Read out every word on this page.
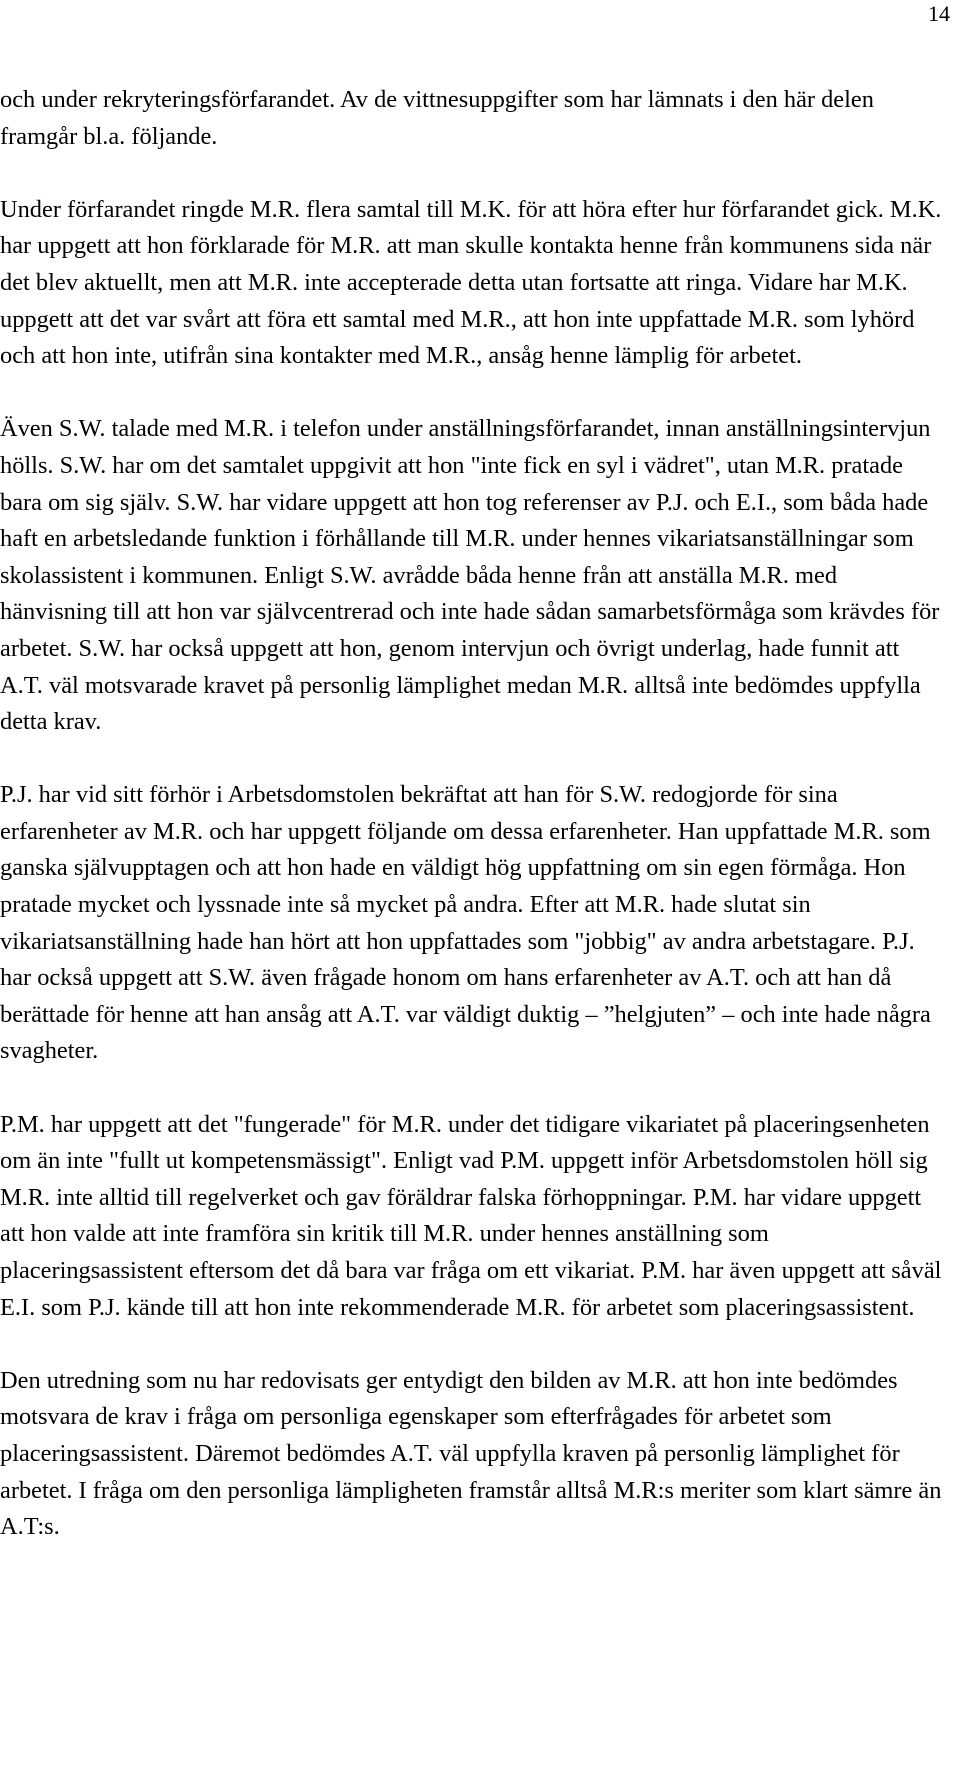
14

och under rekryteringsförfarandet. Av de vittnesuppgifter som har lämnats i den här delen framgår bl.a. följande.

Under förfarandet ringde M.R. flera samtal till M.K. för att höra efter hur förfarandet gick. M.K. har uppgett att hon förklarade för M.R. att man skulle kontakta henne från kommunens sida när det blev aktuellt, men att M.R. inte accepterade detta utan fortsatte att ringa. Vidare har M.K. uppgett att det var svårt att föra ett samtal med M.R., att hon inte uppfattade M.R. som lyhörd och att hon inte, utifrån sina kontakter med M.R., ansåg henne lämplig för arbetet.

Även S.W. talade med M.R. i telefon under anställningsförfarandet, innan anställningsintervjun hölls. S.W. har om det samtalet uppgivit att hon "inte fick en syl i vädret", utan M.R. pratade bara om sig själv. S.W. har vidare uppgett att hon tog referenser av P.J. och E.I., som båda hade haft en arbetsledande funktion i förhållande till M.R. under hennes vikariatsanställningar som skolassistent i kommunen. Enligt S.W. avrådde båda henne från att anställa M.R. med hänvisning till att hon var självcentrerad och inte hade sådan samarbetsförmåga som krävdes för arbetet. S.W. har också uppgett att hon, genom intervjun och övrigt underlag, hade funnit att A.T. väl motsvarade kravet på personlig lämplighet medan M.R. alltså inte bedömdes uppfylla detta krav.

P.J. har vid sitt förhör i Arbetsdomstolen bekräftat att han för S.W. redogjorde för sina erfarenheter av M.R. och har uppgett följande om dessa erfarenheter. Han uppfattade M.R. som ganska självupptagen och att hon hade en väldigt hög uppfattning om sin egen förmåga. Hon pratade mycket och lyssnade inte så mycket på andra. Efter att M.R. hade slutat sin vikariatsanställning hade han hört att hon uppfattades som "jobbig" av andra arbetstagare. P.J. har också uppgett att S.W. även frågade honom om hans erfarenheter av A.T. och att han då berättade för henne att han ansåg att A.T. var väldigt duktig – ”helgjuten” – och inte hade några svagheter.

P.M. har uppgett att det "fungerade" för M.R. under det tidigare vikariatet på placeringsenheten om än inte "fullt ut kompetensmässigt". Enligt vad P.M. uppgett inför Arbetsdomstolen höll sig M.R. inte alltid till regelverket och gav föräldrar falska förhoppningar. P.M. har vidare uppgett att hon valde att inte framföra sin kritik till M.R. under hennes anställning som placeringsassistent eftersom det då bara var fråga om ett vikariat. P.M. har även uppgett att såväl E.I. som P.J. kände till att hon inte rekommenderade M.R. för arbetet som placeringsassistent.

Den utredning som nu har redovisats ger entydigt den bilden av M.R. att hon inte bedömdes motsvara de krav i fråga om personliga egenskaper som efterfrågades för arbetet som placeringsassistent. Däremot bedömdes A.T. väl uppfylla kraven på personlig lämplighet för arbetet. I fråga om den personliga lämpligheten framstår alltså M.R:s meriter som klart sämre än A.T:s.
